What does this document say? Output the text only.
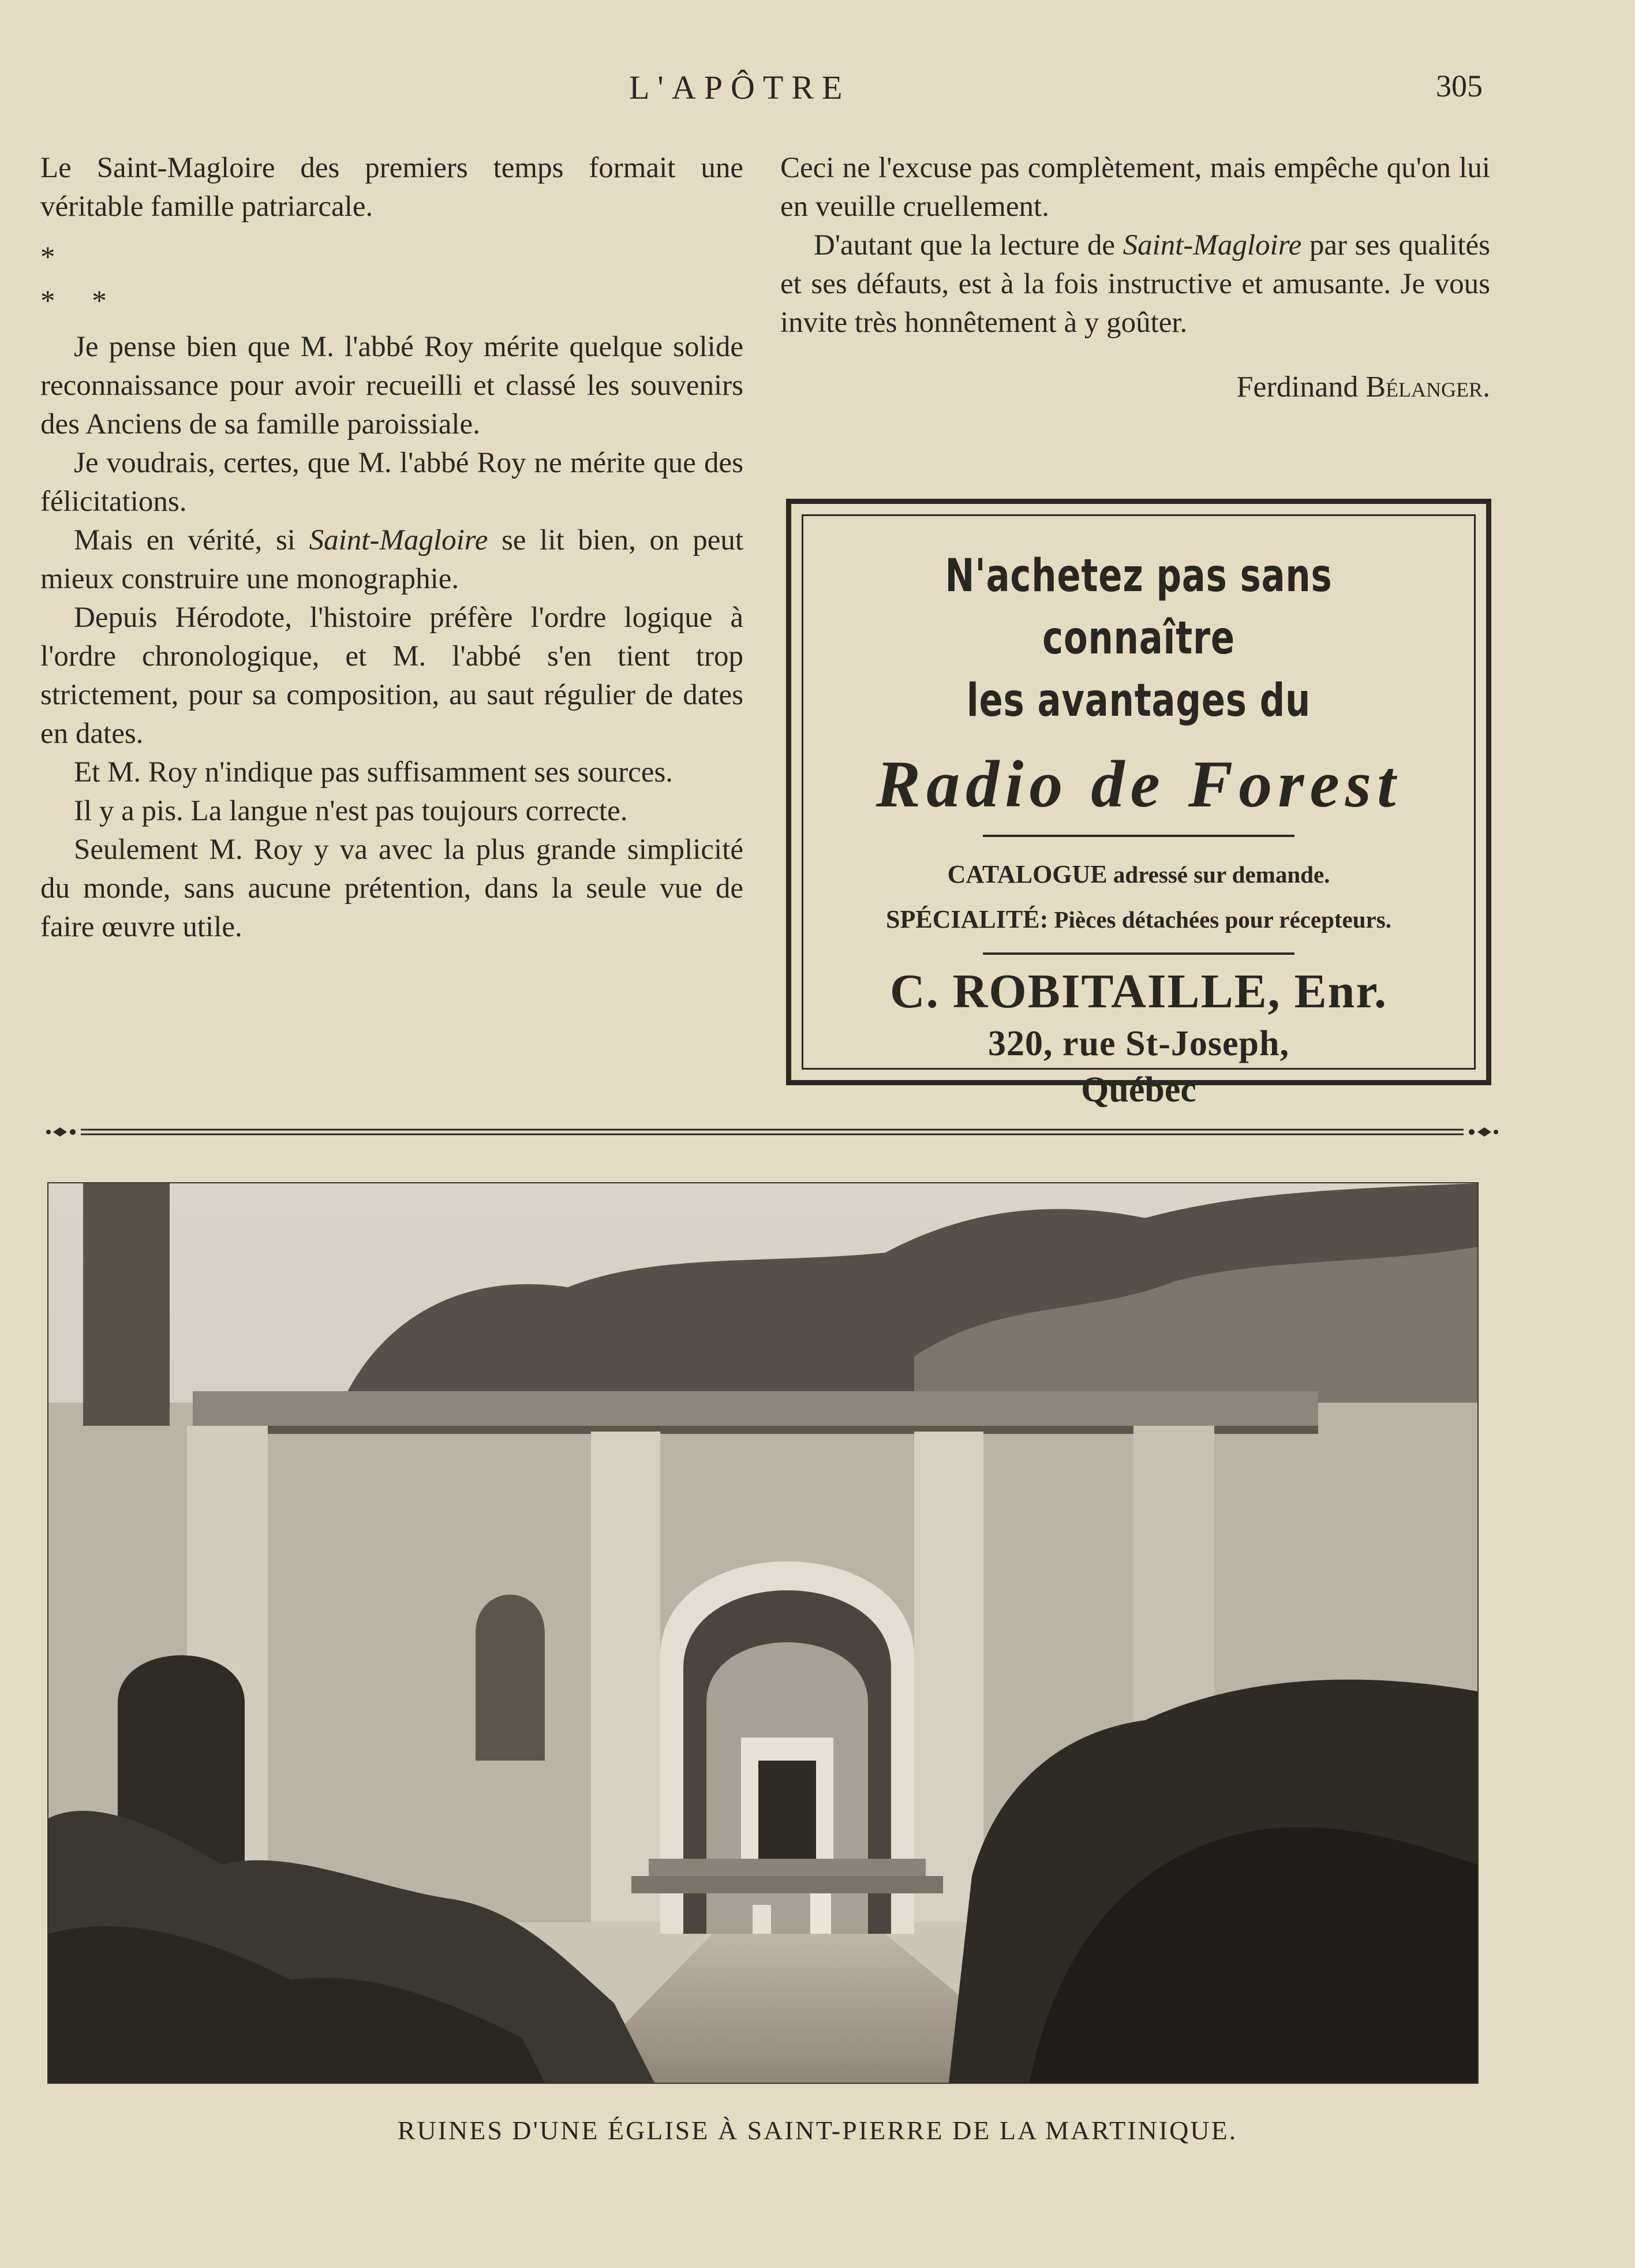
L'APÔTRE	305

Le Saint-Magloire des premiers temps formait une véritable famille patriarcale.

*

*     *

Je pense bien que M. l'abbé Roy mérite quelque solide reconnaissance pour avoir recueilli et classé les souvenirs des Anciens de sa famille paroissiale.

Je voudrais, certes, que M. l'abbé Roy ne mérite que des félicitations.

Mais en vérité, si Saint-Magloire se lit bien, on peut mieux construire une monographie.

Depuis Hérodote, l'histoire préfère l'ordre logique à l'ordre chronologique, et M. l'abbé s'en tient trop strictement, pour sa composition, au saut régulier de dates en dates.

Et M. Roy n'indique pas suffisamment ses sources.

Il y a pis. La langue n'est pas toujours correcte.

Seulement M. Roy y va avec la plus grande simplicité du monde, sans aucune prétention, dans la seule vue de faire œuvre utile.

Ceci ne l'excuse pas complètement, mais empêche qu'on lui en veuille cruellement.

D'autant que la lecture de Saint-Magloire par ses qualités et ses défauts, est à la fois instructive et amusante. Je vous invite très honnêtement à y goûter.

Ferdinand Bélanger.
N'achetez pas sans connaître
les avantages du
Radio de Forest
CATALOGUE adressé sur demande.
SPÉCIALITÉ: Pièces détachées pour récepteurs.
C. ROBITAILLE, Enr.
320, rue St-Joseph,
Québec
RUINES D'UNE ÉGLISE À SAINT-PIERRE DE LA MARTINIQUE.
